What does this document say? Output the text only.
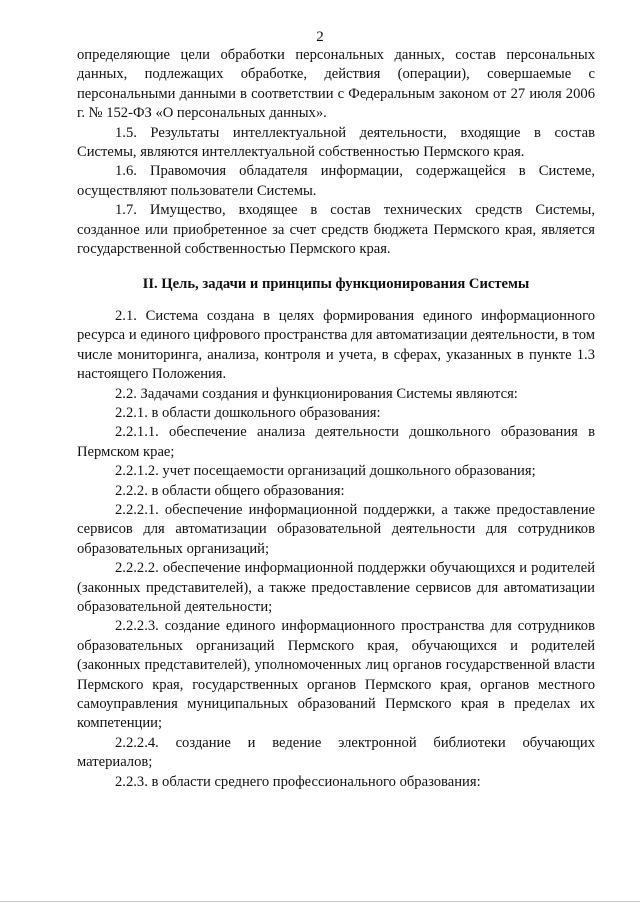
2

определяющие цели обработки персональных данных, состав персональных данных, подлежащих обработке, действия (операции), совершаемые с персональными данными в соответствии с Федеральным законом от 27 июля 2006 г. № 152-ФЗ «О персональных данных».

1.5. Результаты интеллектуальной деятельности, входящие в состав Системы, являются интеллектуальной собственностью Пермского края.

1.6. Правомочия обладателя информации, содержащейся в Системе, осуществляют пользователи Системы.

1.7. Имущество, входящее в состав технических средств Системы, созданное или приобретенное за счет средств бюджета Пермского края, является государственной собственностью Пермского края.

II. Цель, задачи и принципы функционирования Системы

2.1. Система создана в целях формирования единого информационного ресурса и единого цифрового пространства для автоматизации деятельности, в том числе мониторинга, анализа, контроля и учета, в сферах, указанных в пункте 1.3 настоящего Положения.

2.2. Задачами создания и функционирования Системы являются:

2.2.1. в области дошкольного образования:

2.2.1.1. обеспечение анализа деятельности дошкольного образования в Пермском крае;

2.2.1.2. учет посещаемости организаций дошкольного образования;

2.2.2. в области общего образования:

2.2.2.1. обеспечение информационной поддержки, а также предоставление сервисов для автоматизации образовательной деятельности для сотрудников образовательных организаций;

2.2.2.2. обеспечение информационной поддержки обучающихся и родителей (законных представителей), а также предоставление сервисов для автоматизации образовательной деятельности;

2.2.2.3. создание единого информационного пространства для сотрудников образовательных организаций Пермского края, обучающихся и родителей (законных представителей), уполномоченных лиц органов государственной власти Пермского края, государственных органов Пермского края, органов местного самоуправления муниципальных образований Пермского края в пределах их компетенции;

2.2.2.4. создание и ведение электронной библиотеки обучающих материалов;

2.2.3. в области среднего профессионального образования:
